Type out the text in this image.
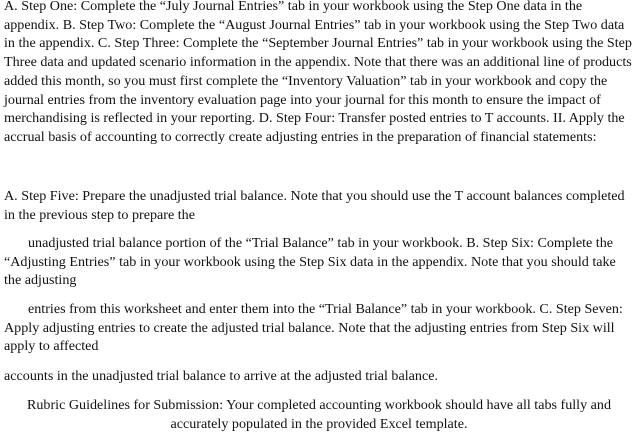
A. Step One: Complete the “July Journal Entries” tab in your workbook using the Step One data in the appendix. B. Step Two: Complete the “August Journal Entries” tab in your workbook using the Step Two data in the appendix. C. Step Three: Complete the “September Journal Entries” tab in your workbook using the Step Three data and updated scenario information in the appendix. Note that there was an additional line of products added this month, so you must first complete the “Inventory Valuation” tab in your workbook and copy the journal entries from the inventory evaluation page into your journal for this month to ensure the impact of merchandising is reflected in your reporting. D. Step Four: Transfer posted entries to T accounts. II. Apply the accrual basis of accounting to correctly create adjusting entries in the preparation of financial statements:

A. Step Five: Prepare the unadjusted trial balance. Note that you should use the T account balances completed in the previous step to prepare the

unadjusted trial balance portion of the “Trial Balance” tab in your workbook. B. Step Six: Complete the “Adjusting Entries” tab in your workbook using the Step Six data in the appendix. Note that you should take the adjusting

entries from this worksheet and enter them into the “Trial Balance” tab in your workbook. C. Step Seven: Apply adjusting entries to create the adjusted trial balance. Note that the adjusting entries from Step Six will apply to affected

accounts in the unadjusted trial balance to arrive at the adjusted trial balance.

Rubric Guidelines for Submission: Your completed accounting workbook should have all tabs fully and accurately populated in the provided Excel template.
